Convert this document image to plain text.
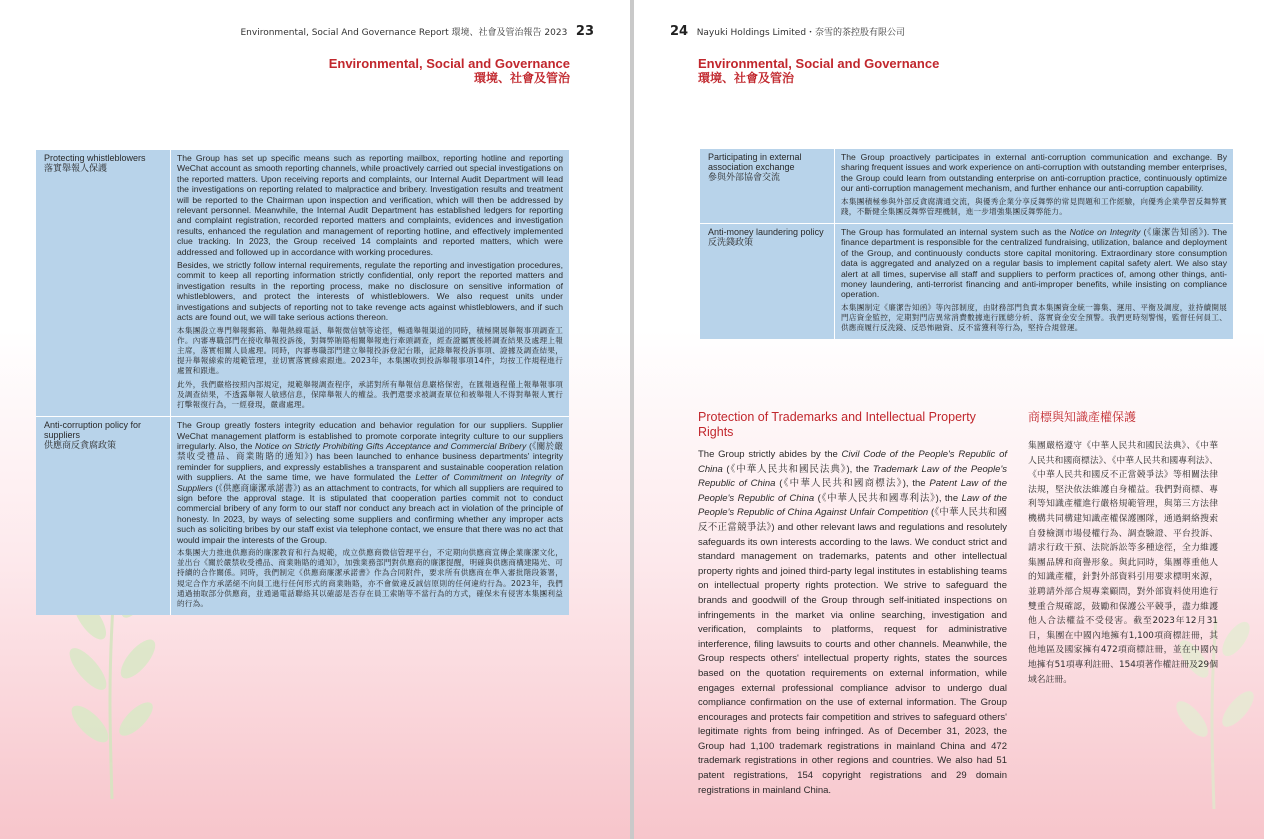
Environmental, Social And Governance Report 環境、社會及管治報告 2023 23
Environmental, Social and Governance
環境、社會及管治
Protecting whistleblowers
落實舉報人保護

The Group has set up specific means such as reporting mailbox, reporting hotline and reporting WeChat account as smooth reporting channels, while proactively carried out special investigations on the reported matters. Upon receiving reports and complaints, our Internal Audit Department will lead the investigations on reporting related to malpractice and bribery. Investigation results and treatment will be reported to the Chairman upon inspection and verification, which will then be addressed by relevant personnel. Meanwhile, the Internal Audit Department has established ledgers for reporting and complaint registration, recorded reported matters and complaints, evidences and investigation results, enhanced the regulation and management of reporting hotline, and effectively implemented clue tracking. In 2023, the Group received 14 complaints and reported matters, which were addressed and followed up in accordance with working procedures.

Besides, we strictly follow internal requirements, regulate the reporting and investigation procedures, commit to keep all reporting information strictly confidential, only report the reported matters and investigation results in the reporting process, make no disclosure on sensitive information of whistleblowers, and protect the interests of whistleblowers. We also request units under investigations and subjects of reporting not to take revenge acts against whistleblowers, and if such acts are found out, we will take serious actions thereon.

本集團設立專門舉報郵箱、舉報熱線電話、舉報微信號等途徑，暢通舉報渠道的同時，積極開展舉報事項調查工作。內審專職部門在接收舉報投訴後，對舞弊賄賂相關舉報進行牽頭調查，經查證屬實後將調查結果及處理上報主席，落實相關人員處理。同時，內審專職部門建立舉報投訴登記台賬，記錄舉報投訴事項、證據及調查結果，提升舉報線索的規範管理，並切實落實線索跟進。2023年，本集團收到投訴舉報事項14件，均按工作規程進行處置和跟進。

此外，我們嚴格按照內部規定，規範舉報調查程序，承諾對所有舉報信息嚴格保密，在匯報過程僅上報舉報事項及調查結果，不透露舉報人敏感信息，保障舉報人的權益。我們還要求被調查單位和被舉報人不得對舉報人實行打擊報復行為，一經發現，嚴肅處理。

Anti-corruption policy for suppliers
供應商反貪腐政策

The Group greatly fosters integrity education and behavior regulation for our suppliers. Supplier WeChat management platform is established to promote corporate integrity culture to our suppliers irregularly. Also, the Notice on Strictly Prohibiting Gifts Acceptance and Commercial Bribery (《關於嚴禁收受禮品、商業賄賂的通知》) has been launched to enhance business departments' integrity reminder for suppliers, and expressly establishes a transparent and sustainable cooperation relation with suppliers. At the same time, we have formulated the Letter of Commitment on Integrity of Suppliers (《供應商廉潔承諾書》) as an attachment to contracts, for which all suppliers are required to sign before the approval stage. It is stipulated that cooperation parties commit not to conduct commercial bribery of any form to our staff nor conduct any breach act in violation of the principle of honesty. In 2023, by ways of selecting some suppliers and confirming whether any improper acts such as soliciting bribes by our staff exist via telephone contact, we ensure that there was no act that would impair the interests of the Group.

本集團大力推進供應商的廉潔教育和行為規範，成立供應商微信管理平台，不定期向供應商宣傳企業廉潔文化，並出台《關於嚴禁收受禮品、商業賄賂的通知》，加強業務部門對供應商的廉潔提醒，明確與供應商構建陽光、可持續的合作關係。同時，我們制定《供應商廉潔承諾書》作為合同附件，要求所有供應商在準入審批階段簽署，規定合作方承諾絕不向員工進行任何形式的商業賄賂，亦不會做違反誠信原則的任何違約行為。2023年，我們通過抽取部分供應商，並通過電話聯絡其以確認是否存在員工索賄等不當行為的方式，確保未有侵害本集團利益的行為。

24 Nayuki Holdings Limited・奈雪的茶控股有限公司
Environmental, Social and Governance
環境、社會及管治
Participating in external association exchange
參與外部協會交流

The Group proactively participates in external anti-corruption communication and exchange. By sharing frequent issues and work experience on anti-corruption with outstanding member enterprises, the Group could learn from outstanding enterprise on anti-corruption practice, continuously optimize our anti-corruption management mechanism, and further enhance our anti-corruption capability.

本集團積極參與外部反貪腐溝通交流，與優秀企業分享反舞弊的常見問題和工作經驗，向優秀企業學習反舞弊實踐，不斷健全集團反舞弊管理機制，進一步增強集團反舞弊能力。

Anti-money laundering policy
反洗錢政策

The Group has formulated an internal system such as the Notice on Integrity (《廉潔告知函》). The finance department is responsible for the centralized fundraising, utilization, balance and deployment of the Group, and continuously conducts store capital monitoring. Extraordinary store consumption data is aggregated and analyzed on a regular basis to implement capital safety alert. We also stay alert at all times, supervise all staff and suppliers to perform practices of, among other things, anti-money laundering, anti-terrorist financing and anti-improper benefits, while insisting on compliance operation.

本集團制定《廉潔告知函》等內部制度，由財務部門負責本集團資金統一籌集、運用、平衡及調度，並持續開展門店資金監控，定期對門店異常消費數據進行匯總分析、落實資金安全預警。我們更時刻警惕，監督任何員工、供應商履行反洗錢、反恐怖融資、反不當獲利等行為，堅持合規營運。

Protection of Trademarks and Intellectual Property Rights
The Group strictly abides by the Civil Code of the People's Republic of China (《中華人民共和國民法典》), the Trademark Law of the People's Republic of China (《中華人民共和國商標法》), the Patent Law of the People's Republic of China (《中華人民共和國專利法》), the Law of the People's Republic of China Against Unfair Competition (《中華人民共和國反不正當競爭法》) and other relevant laws and regulations and resolutely safeguards its own interests according to the laws. We conduct strict and standard management on trademarks, patents and other intellectual property rights and joined third-party legal institutes in establishing teams on intellectual property rights protection. We strive to safeguard the brands and goodwill of the Group through self-initiated inspections on infringements in the market via online searching, investigation and verification, complaints to platforms, request for administrative interference, filing lawsuits to courts and other channels. Meanwhile, the Group respects others' intellectual property rights, states the sources based on the quotation requirements on external information, while engages external professional compliance advisor to undergo dual compliance confirmation on the use of external information. The Group encourages and protects fair competition and strives to safeguard others' legitimate rights from being infringed. As of December 31, 2023, the Group had 1,100 trademark registrations in mainland China and 472 trademark registrations in other regions and countries. We also had 51 patent registrations, 154 copyright registrations and 29 domain registrations in mainland China.
商標與知識產權保護
集團嚴格遵守《中華人民共和國民法典》、《中華人民共和國商標法》、《中華人民共和國專利法》、《中華人民共和國反不正當競爭法》等相關法律法規，堅決依法維護自身權益。我們對商標、專利等知識產權進行嚴格規範管理，與第三方法律機構共同構建知識產權保護團隊，通過網絡搜索自發檢測市場侵權行為、調查驗證、平台投訴、請求行政干預、法院訴訟等多種途徑，全力維護集團品牌和商譽形象。與此同時，集團尊重他人的知識產權，針對外部資料引用要求標明來源，並聘請外部合規專業顧問，對外部資料使用進行雙重合規確認，鼓勵和保護公平競爭，盡力維護他人合法權益不受侵害。截至2023年12月31日，集團在中國內地擁有1,100項商標註冊，其他地區及國家擁有472項商標註冊，並在中國內地擁有51項專利註冊、154項著作權註冊及29個域名註冊。
